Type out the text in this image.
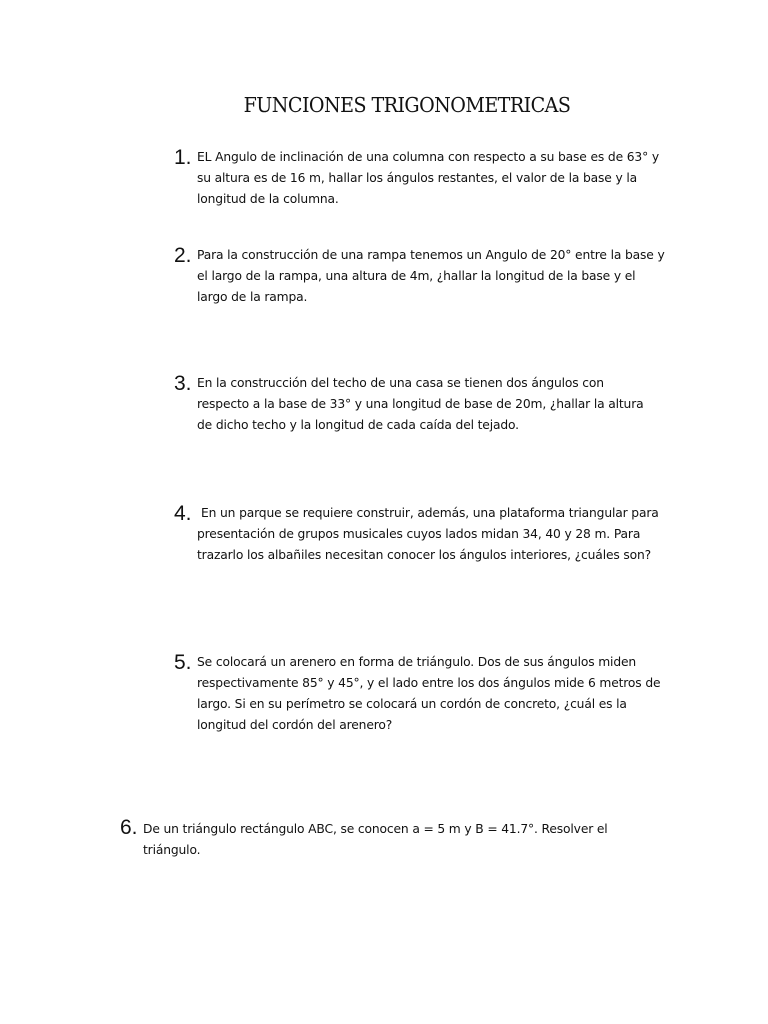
FUNCIONES TRIGONOMETRICAS
1. EL Angulo de inclinación de una columna con respecto a su base es de 63° y su altura es de 16 m, hallar los ángulos restantes, el valor de la base y la longitud de la columna.

2. Para la construcción de una rampa tenemos un Angulo de 20° entre la base y el largo de la rampa, una altura de 4m, ¿hallar la longitud de la base y el largo de la rampa.

3. En la construcción del techo de una casa se tienen dos ángulos con respecto a la base de 33° y una longitud de base de 20m, ¿hallar la altura de dicho techo y la longitud de cada caída del tejado.

4. En un parque se requiere construir, además, una plataforma triangular para presentación de grupos musicales cuyos lados midan 34, 40 y 28 m. Para trazarlo los albañiles necesitan conocer los ángulos interiores, ¿cuáles son?

5. Se colocará un arenero en forma de triángulo. Dos de sus ángulos miden respectivamente 85° y 45°, y el lado entre los dos ángulos mide 6 metros de largo. Si en su perímetro se colocará un cordón de concreto, ¿cuál es la longitud del cordón del arenero?

6. De un triángulo rectángulo ABC, se conocen a = 5 m y B = 41.7°. Resolver el triángulo.
